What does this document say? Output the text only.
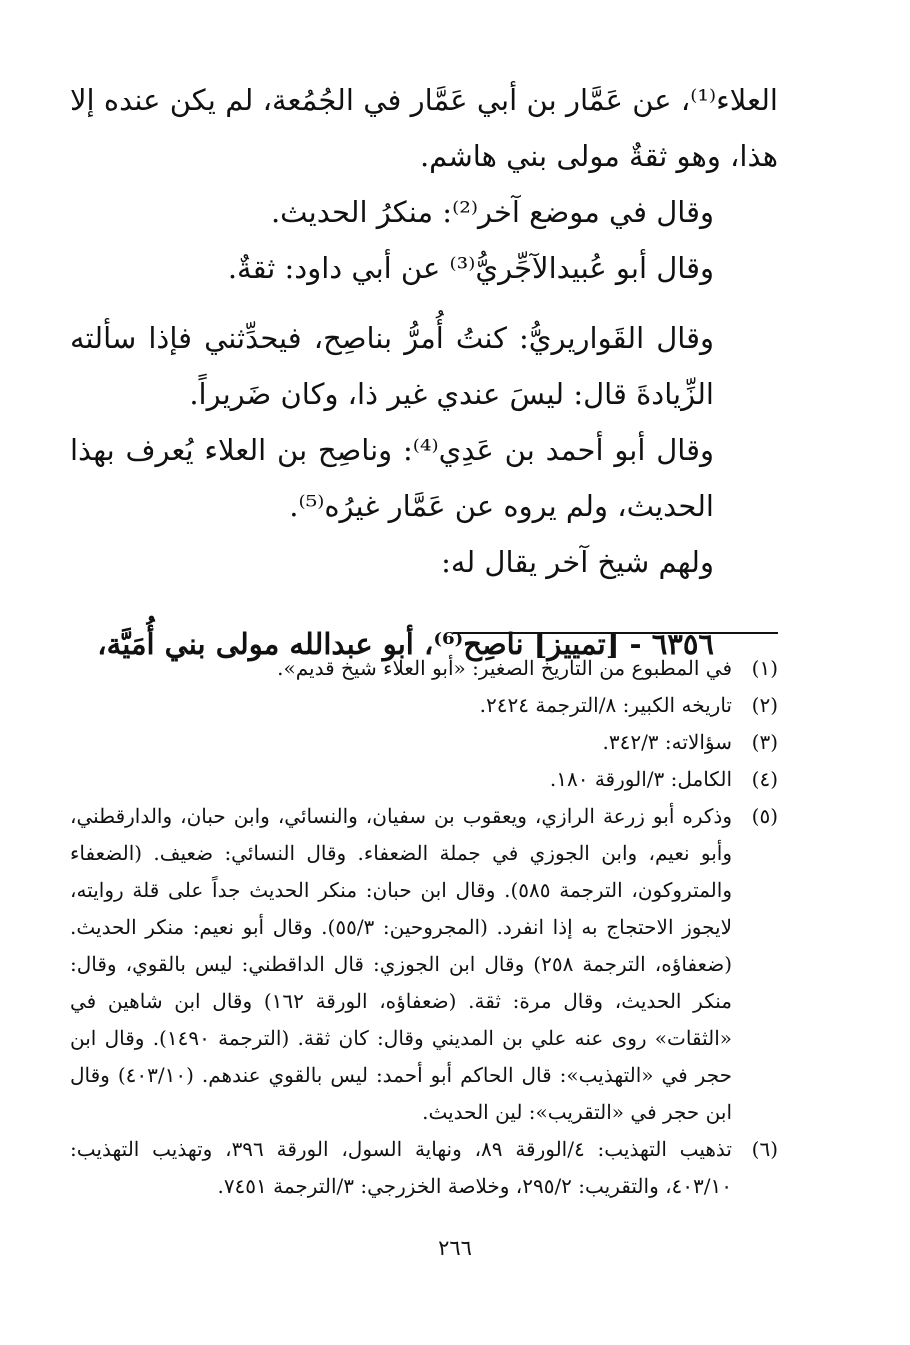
العلاء⁽¹⁾، عن عَمَّار بن أبي عَمَّار في الجُمُعة، لم يكن عنده إلا هذا، وهو ثقةٌ مولى بني هاشم.

وقال في موضع آخر⁽²⁾: منكرُ الحديث.

وقال أبو عُبيدالآجِّريُّ⁽³⁾ عن أبي داود: ثقةٌ.

وقال القَواريريُّ: كنتُ أُمرُّ بناصِح، فيحدِّثني فإذا سألته الزِّيادةَ قال: ليسَ عندي غير ذا، وكان ضَريراً.

وقال أبو أحمد بن عَدِي⁽⁴⁾: وناصِح بن العلاء يُعرف بهذا الحديث، ولم يروه عن عَمَّار غيرُه⁽⁵⁾.

ولهم شيخ آخر يقال له:

٦٣٥٦ - [تمييز] ناصِح⁽⁶⁾، أبو عبدالله مولى بني أُمَيَّة،

(١)
في المطبوع من التاريخ الصغير: «أبو العلاء شيخ قديم».
(٢)
تاريخه الكبير: ٨/الترجمة ٢٤٢٤.
(٣)
سؤالاته: ٣٤٢/٣.
(٤)
الكامل: ٣/الورقة ١٨٠.
(٥)
وذكره أبو زرعة الرازي، ويعقوب بن سفيان، والنسائي، وابن حبان، والدارقطني، وأبو نعيم، وابن الجوزي في جملة الضعفاء. وقال النسائي: ضعيف. (الضعفاء والمتروكون، الترجمة ٥٨٥). وقال ابن حبان: منكر الحديث جداً على قلة روايته، لايجوز الاحتجاج به إذا انفرد. (المجروحين: ٥٥/٣). وقال أبو نعيم: منكر الحديث. (ضعفاؤه، الترجمة ٢٥٨) وقال ابن الجوزي: قال الداقطني: ليس بالقوي، وقال: منكر الحديث، وقال مرة: ثقة. (ضعفاؤه، الورقة ١٦٢) وقال ابن شاهين في «الثقات» روى عنه علي بن المديني وقال: كان ثقة. (الترجمة ١٤٩٠). وقال ابن حجر في «التهذيب»: قال الحاكم أبو أحمد: ليس بالقوي عندهم. (٤٠٣/١٠) وقال ابن حجر في «التقريب»: لين الحديث.
(٦)
تذهيب التهذيب: ٤/الورقة ٨٩، ونهاية السول، الورقة ٣٩٦، وتهذيب التهذيب: ٤٠٣/١٠، والتقريب: ٢٩٥/٢، وخلاصة الخزرجي: ٣/الترجمة ٧٤٥١.
٢٦٦
